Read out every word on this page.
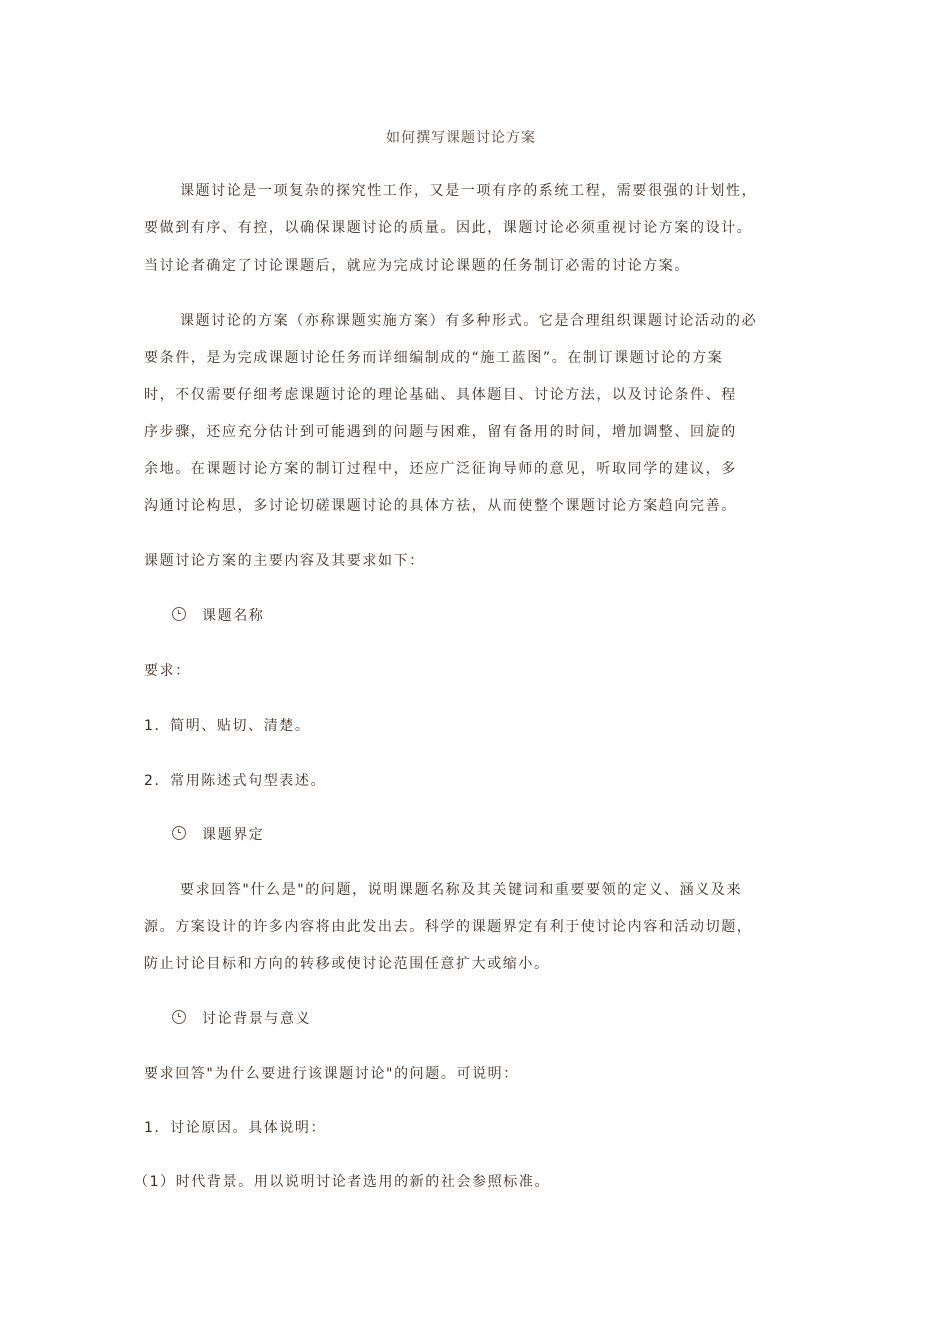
如何撰写课题讨论方案
课题讨论是一项复杂的探究性工作，又是一项有序的系统工程，需要很强的计划性，
要做到有序、有控，以确保课题讨论的质量。因此，课题讨论必须重视讨论方案的设计。
当讨论者确定了讨论课题后，就应为完成讨论课题的任务制订必需的讨论方案。
课题讨论的方案（亦称课题实施方案）有多种形式。它是合理组织课题讨论活动的必
要条件，是为完成课题讨论任务而详细编制成的“施工蓝图”。在制订课题讨论的方案
时，不仅需要仔细考虑课题讨论的理论基础、具体题目、讨论方法，以及讨论条件、程
序步骤，还应充分估计到可能遇到的问题与困难，留有备用的时间，增加调整、回旋的
余地。在课题讨论方案的制订过程中，还应广泛征询导师的意见，听取同学的建议，多
沟通讨论构思，多讨论切磋课题讨论的具体方祛，从而使整个课题讨论方案趋向完善。
课题讨论方案的主要内容及其要求如下：
课题名称
要求：
1．简明、贴切、清楚。
2．常用陈述式句型表述。
课题界定
要求回答"什么是"的问题，说明课题名称及其关键词和重要要领的定义、涵义及来
源。方案设计的许多内容将由此发出去。科学的课题界定有利于使讨论内容和活动切题，
防止讨论目标和方向的转移或使讨论范围任意扩大或缩小。
讨论背景与意义
要求回答"为什么要进行该课题讨论"的问题。可说明：
1．讨论原因。具体说明：
（1）时代背景。用以说明讨论者选用的新的社会参照标准。
